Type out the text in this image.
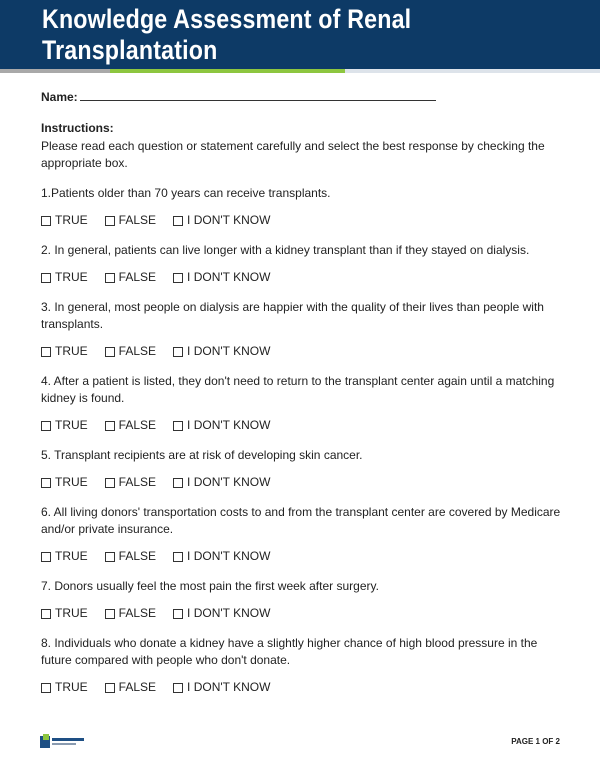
Knowledge Assessment of Renal Transplantation
Name:
Instructions:
Please read each question or statement carefully and select the best response by checking the appropriate box.
1.Patients older than 70 years can receive transplants.
TRUE	FALSE	I DON'T KNOW
2. In general, patients can live longer with a kidney transplant than if they stayed on dialysis.
TRUE	FALSE	I DON'T KNOW
3. In general, most people on dialysis are happier with the quality of their lives than people with transplants.
TRUE	FALSE	I DON'T KNOW
4. After a patient is listed, they don't need to return to the transplant center again until a matching kidney is found.
TRUE	FALSE	I DON'T KNOW
5. Transplant recipients are at risk of developing skin cancer.
TRUE	FALSE	I DON'T KNOW
6. All living donors' transportation costs to and from the transplant center are covered by Medicare and/or private insurance.
TRUE	FALSE	I DON'T KNOW
7. Donors usually feel the most pain the first week after surgery.
TRUE	FALSE	I DON'T KNOW
8. Individuals who donate a kidney have a slightly higher chance of high blood pressure in the future compared with people who don't donate.
TRUE	FALSE	I DON'T KNOW
PAGE 1 OF 2
